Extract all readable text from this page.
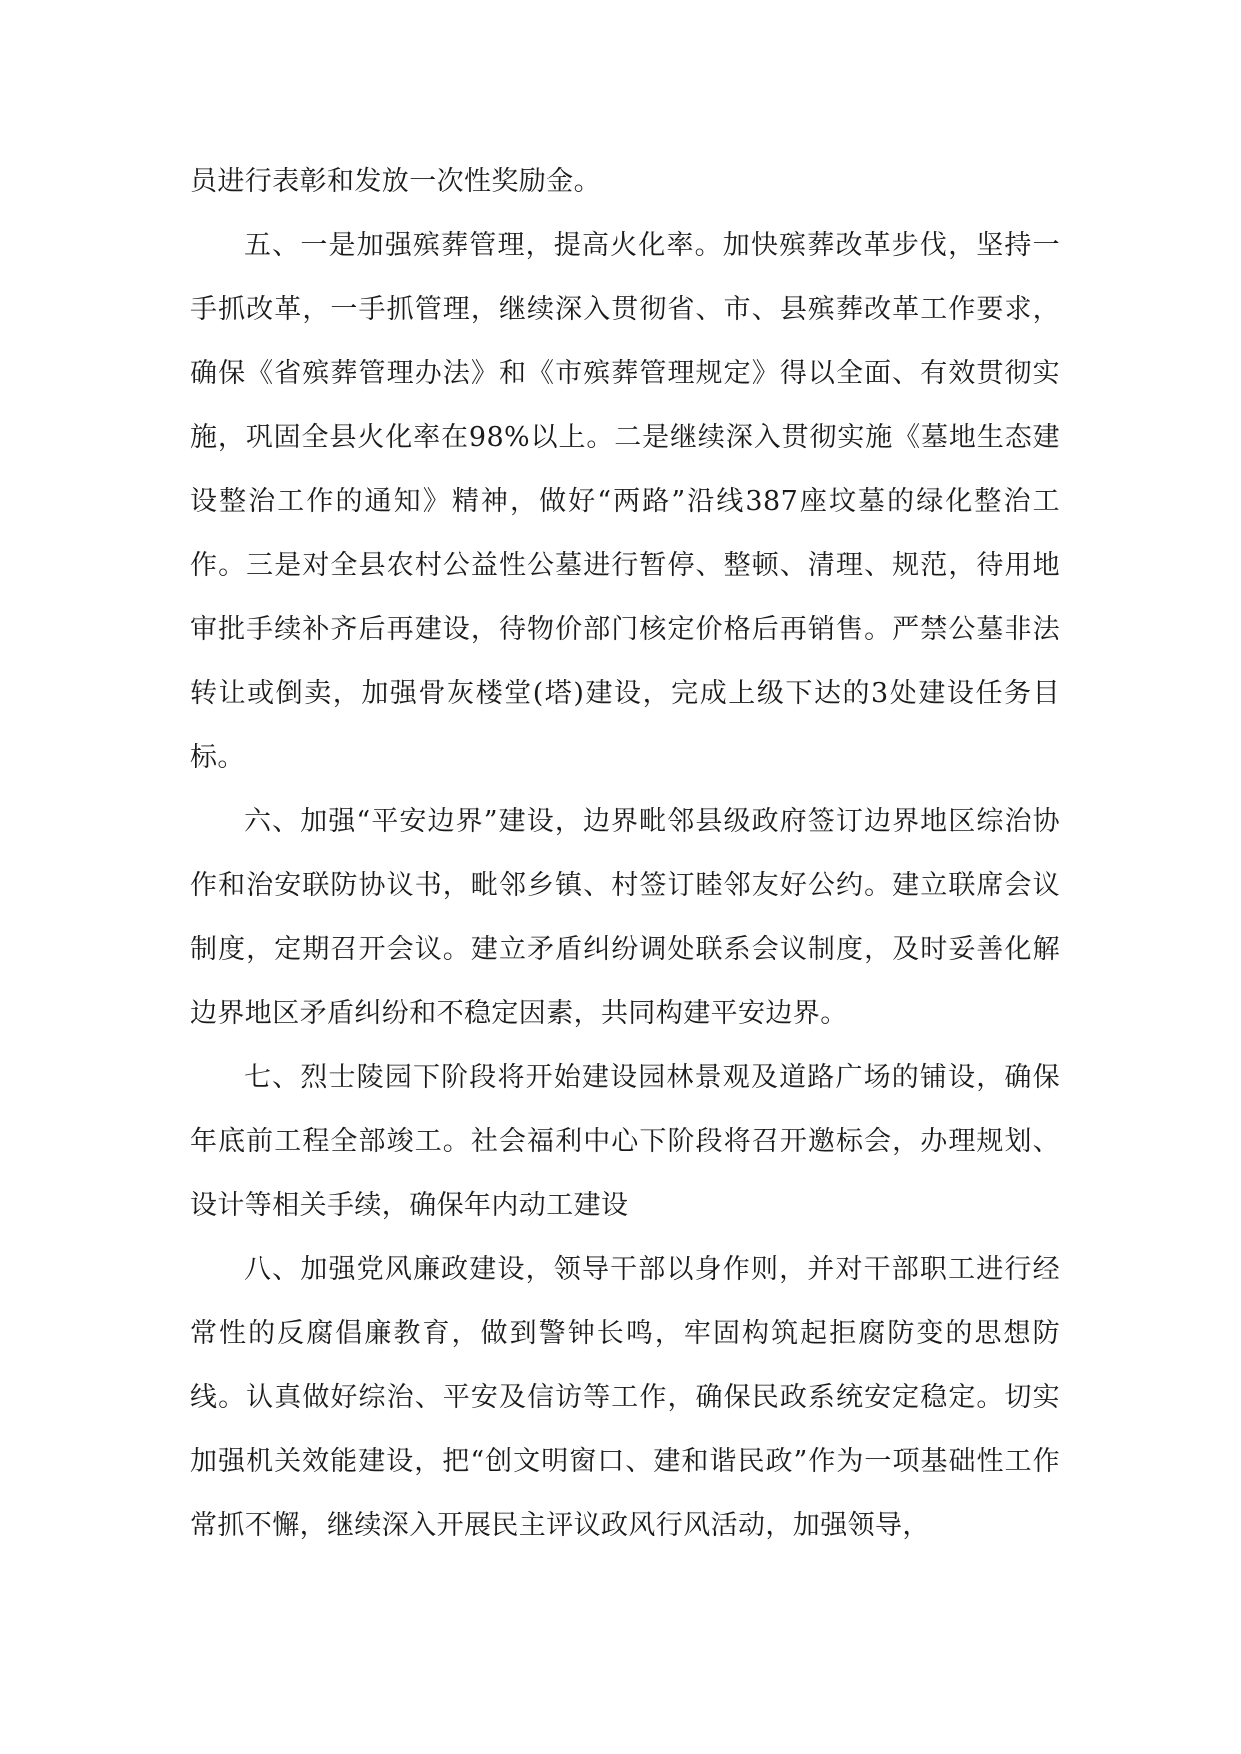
员进行表彰和发放一次性奖励金。

五、一是加强殡葬管理，提高火化率。加快殡葬改革步伐，坚持一手抓改革，一手抓管理，继续深入贯彻省、市、县殡葬改革工作要求，确保《省殡葬管理办法》和《市殡葬管理规定》得以全面、有效贯彻实施，巩固全县火化率在98%以上。二是继续深入贯彻实施《墓地生态建设整治工作的通知》精神，做好“两路”沿线387座坟墓的绿化整治工作。三是对全县农村公益性公墓进行暂停、整顿、清理、规范，待用地审批手续补齐后再建设，待物价部门核定价格后再销售。严禁公墓非法转让或倒卖，加强骨灰楼堂(塔)建设，完成上级下达的3处建设任务目标。

六、加强“平安边界”建设，边界毗邻县级政府签订边界地区综治协作和治安联防协议书，毗邻乡镇、村签订睦邻友好公约。建立联席会议制度，定期召开会议。建立矛盾纠纷调处联系会议制度，及时妥善化解边界地区矛盾纠纷和不稳定因素，共同构建平安边界。

七、烈士陵园下阶段将开始建设园林景观及道路广场的铺设，确保年底前工程全部竣工。社会福利中心下阶段将召开邀标会，办理规划、设计等相关手续，确保年内动工建设

八、加强党风廉政建设，领导干部以身作则，并对干部职工进行经常性的反腐倡廉教育，做到警钟长鸣，牢固构筑起拒腐防变的思想防线。认真做好综治、平安及信访等工作，确保民政系统安定稳定。切实加强机关效能建设，把“创文明窗口、建和谐民政”作为一项基础性工作常抓不懈，继续深入开展民主评议政风行风活动，加强领导，
